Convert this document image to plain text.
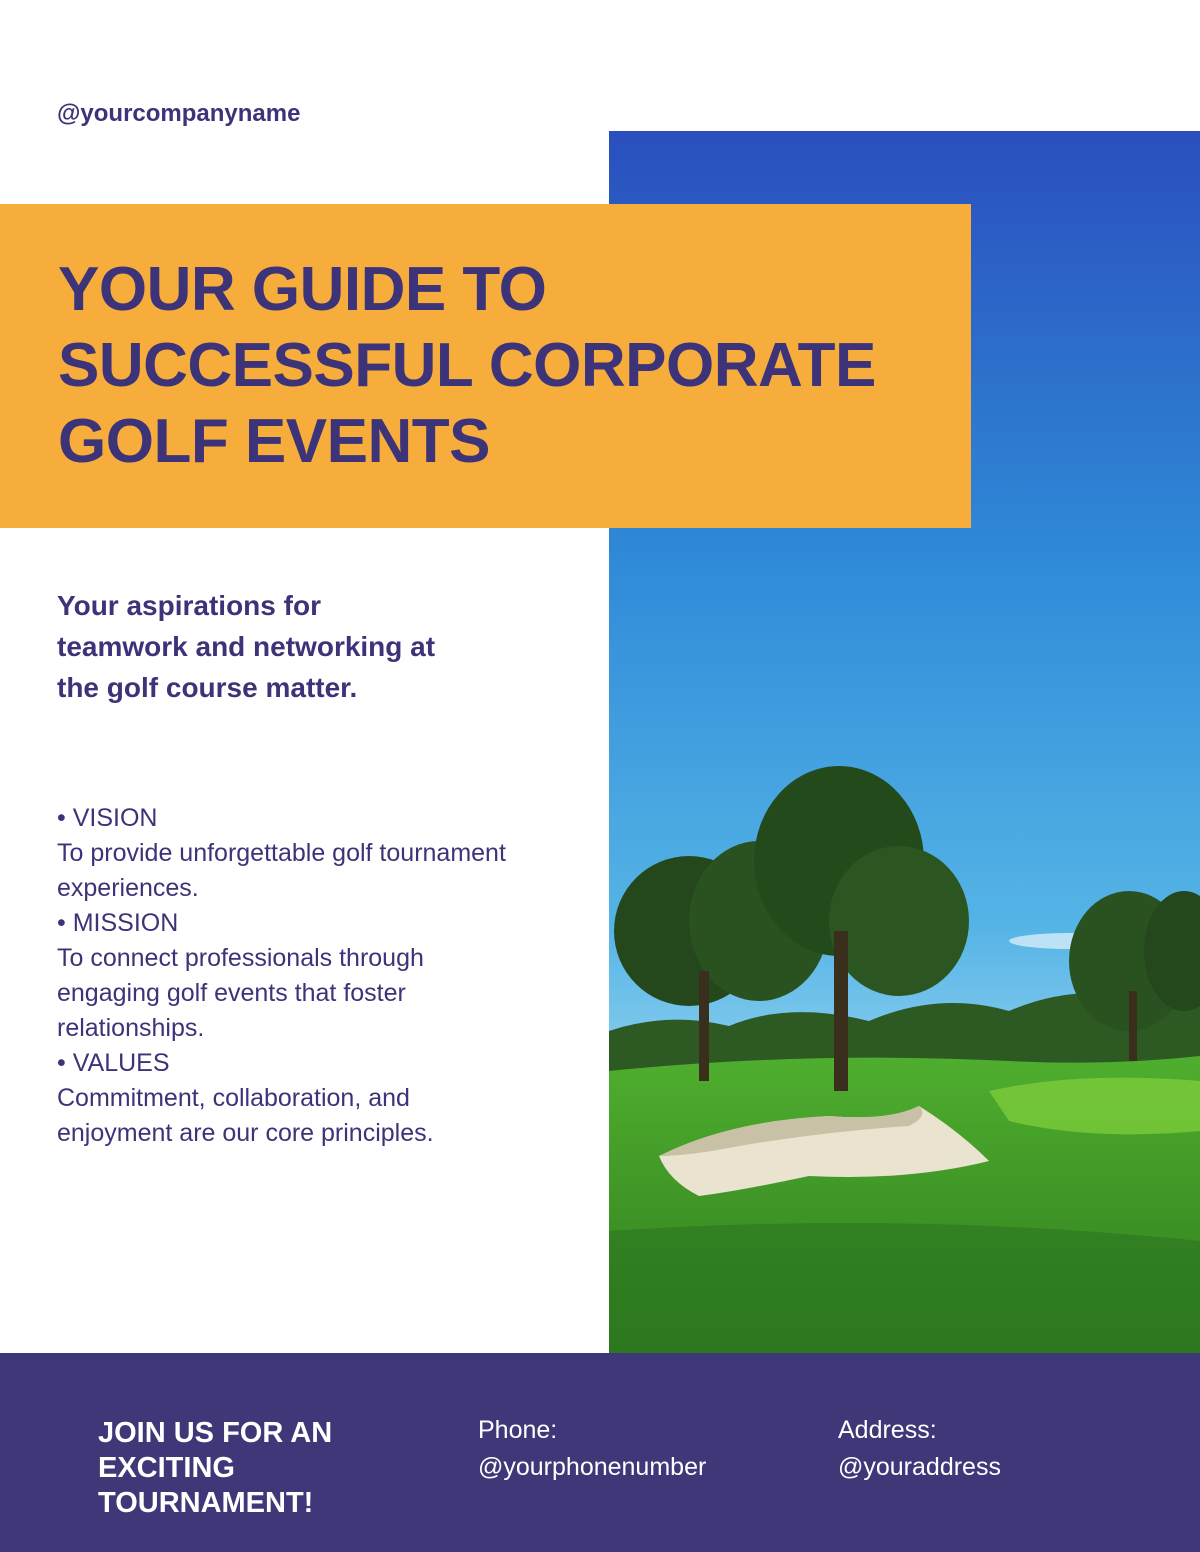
@yourcompanyname
YOUR GUIDE TO SUCCESSFUL CORPORATE GOLF EVENTS
Your aspirations for teamwork and networking at the golf course matter.

• VISION

To provide unforgettable golf tournament experiences.

• MISSION

To connect professionals through engaging golf events that foster relationships.

• VALUES

Commitment, collaboration, and enjoyment are our core principles.

JOIN US FOR AN EXCITING TOURNAMENT!
Phone:
@yourphonenumber
Address:
@youraddress
